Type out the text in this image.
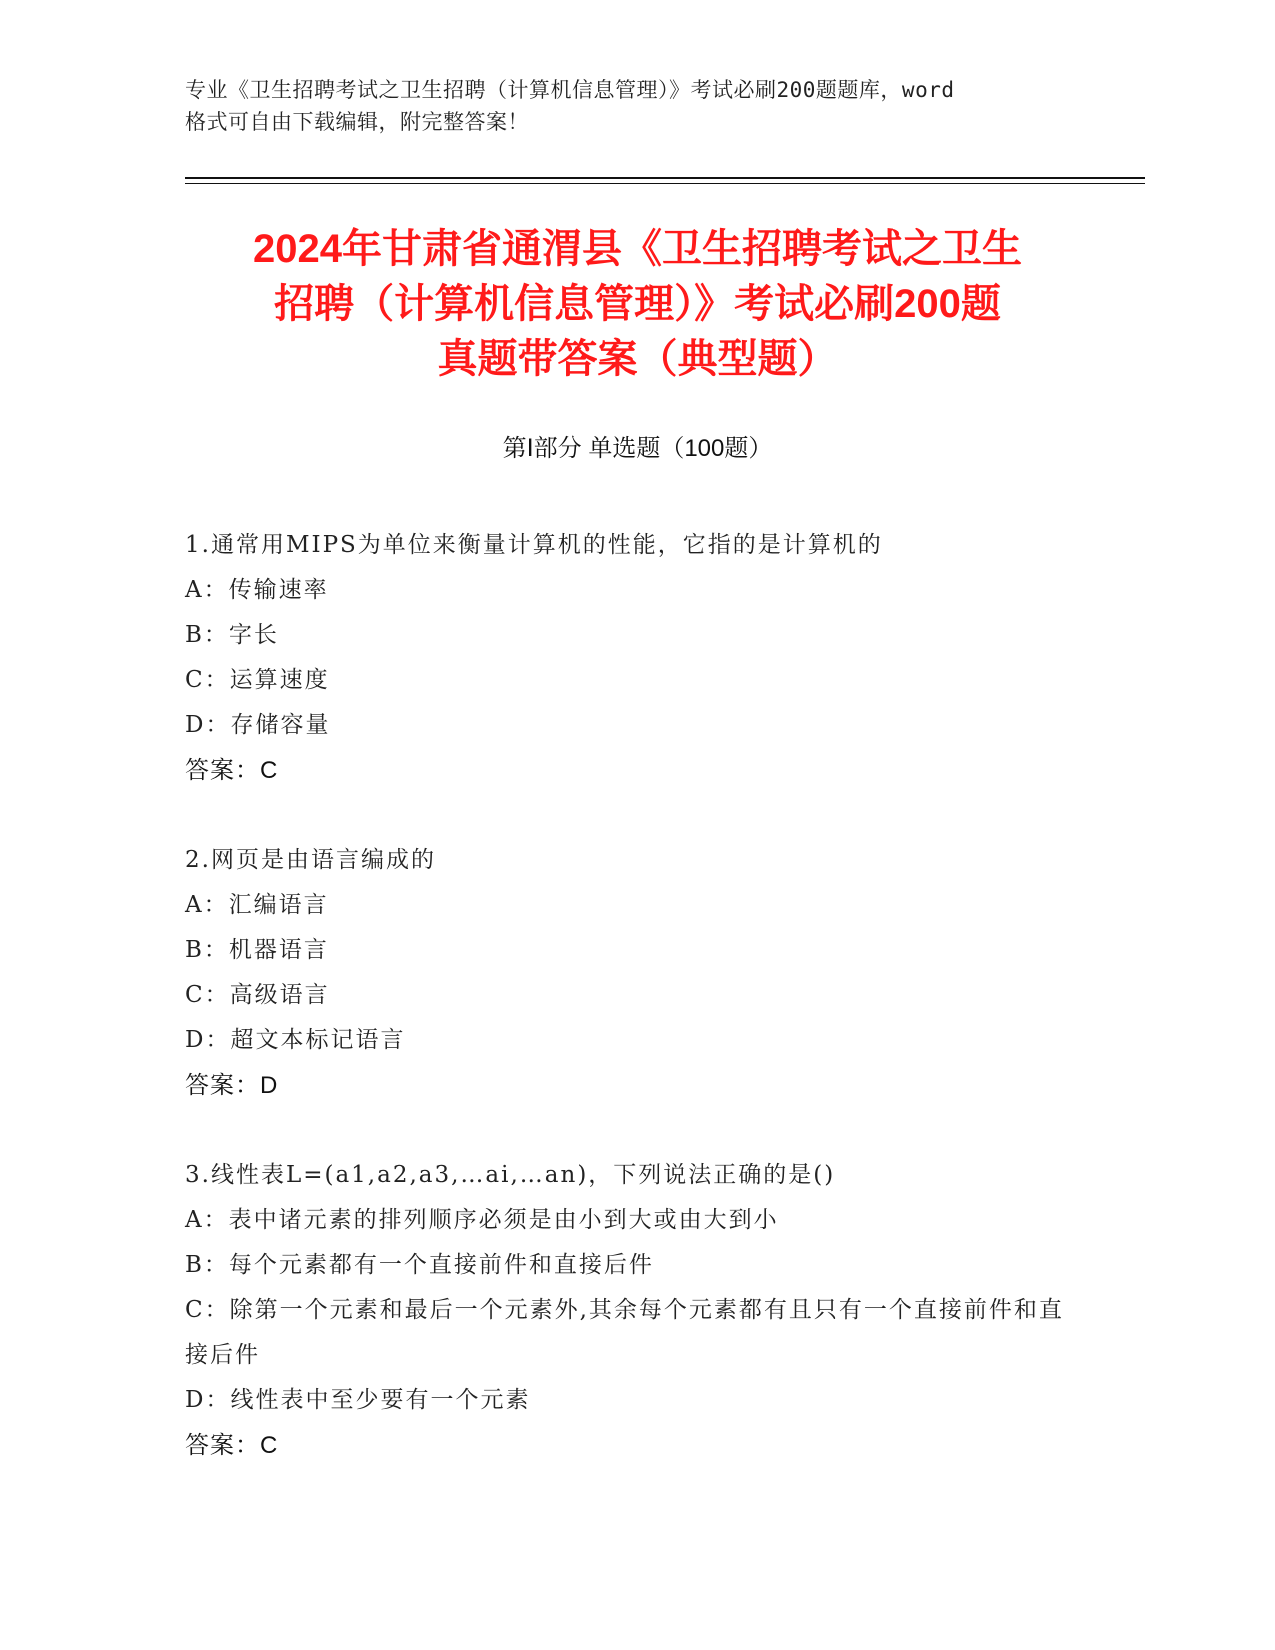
专业《卫生招聘考试之卫生招聘（计算机信息管理）》考试必刷200题题库，word
格式可自由下载编辑，附完整答案！
2024年甘肃省通渭县《卫生招聘考试之卫生
招聘（计算机信息管理）》考试必刷200题
真题带答案（典型题）
第Ⅰ部分 单选题（100题）
1.通常用MIPS为单位来衡量计算机的性能，它指的是计算机的
A：传输速率
B：字长
C：运算速度
D：存储容量
答案：C
2.网页是由语言编成的
A：汇编语言
B：机器语言
C：高级语言
D：超文本标记语言
答案：D
3.线性表L=(a1,a2,a3,…ai,…an)，下列说法正确的是()
A：表中诸元素的排列顺序必须是由小到大或由大到小
B：每个元素都有一个直接前件和直接后件
C：除第一个元素和最后一个元素外,其余每个元素都有且只有一个直接前件和直接后件
D：线性表中至少要有一个元素
答案：C
